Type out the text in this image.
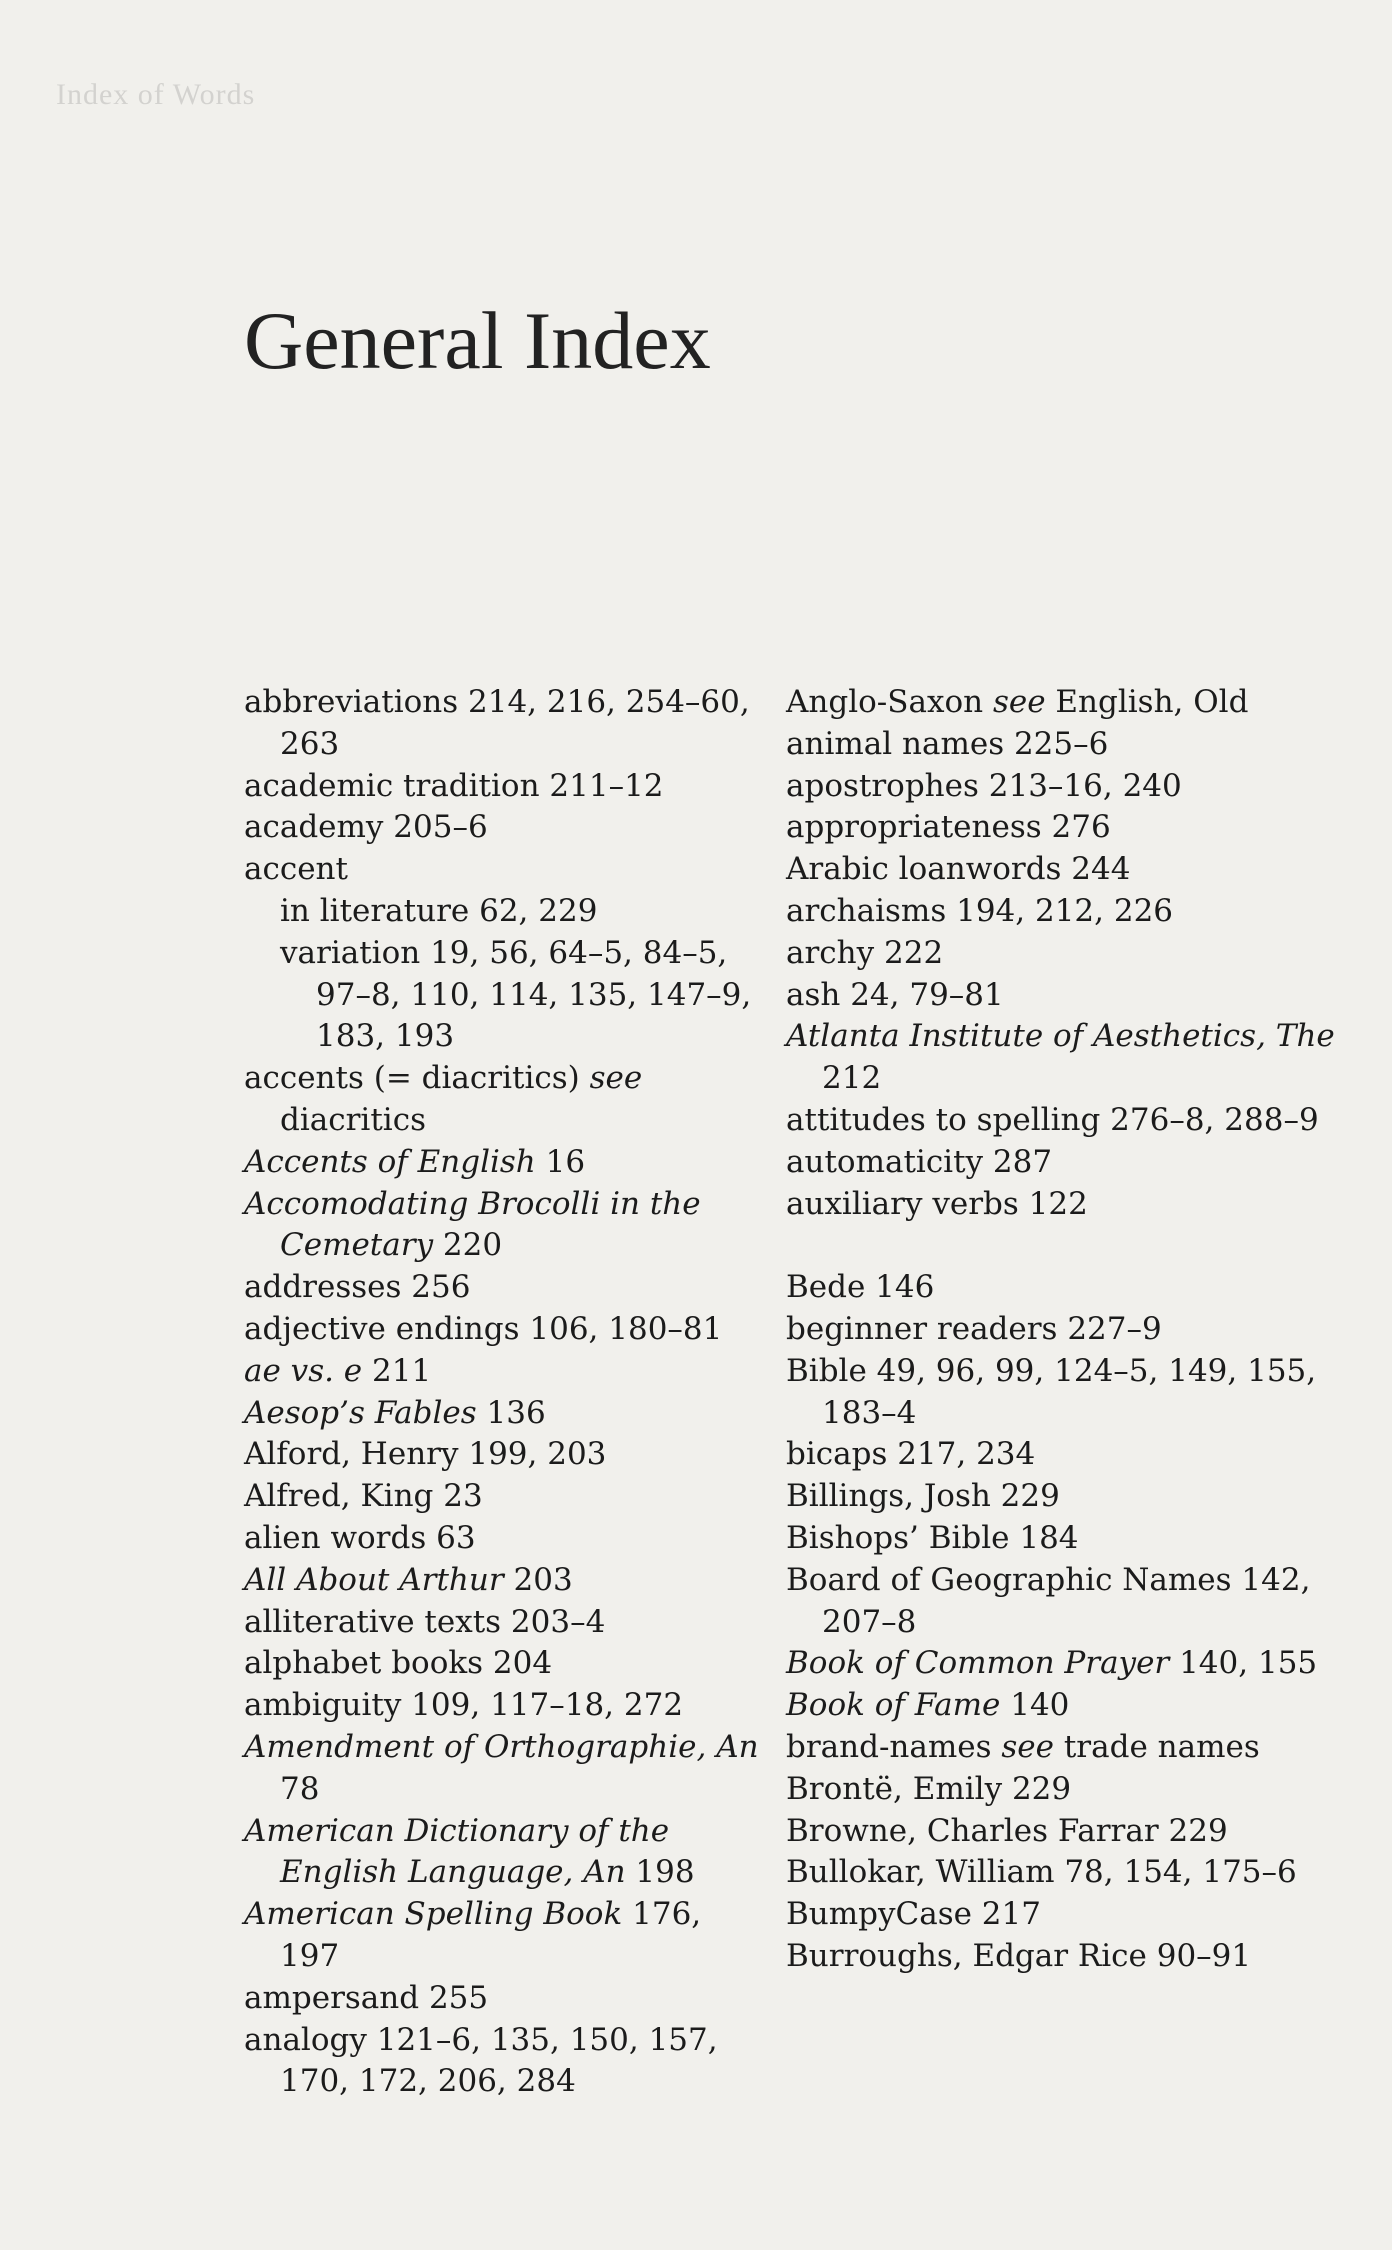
Index of Words
General Index
abbreviations 214, 216, 254–60, 263
academic tradition 211–12
academy 205–6
accent
in literature 62, 229
variation 19, 56, 64–5, 84–5, 97–8, 110, 114, 135, 147–9, 183, 193
accents (= diacritics) see diacritics
Accents of English 16
Accomodating Brocolli in the Cemetary 220
addresses 256
adjective endings 106, 180–81
ae vs. e 211
Aesop’s Fables 136
Alford, Henry 199, 203
Alfred, King 23
alien words 63
All About Arthur 203
alliterative texts 203–4
alphabet books 204
ambiguity 109, 117–18, 272
Amendment of Orthographie, An 78
American Dictionary of the English Language, An 198
American Spelling Book 176, 197
ampersand 255
analogy 121–6, 135, 150, 157, 170, 172, 206, 284
Anglo-Saxon see English, Old
animal names 225–6
apostrophes 213–16, 240
appropriateness 276
Arabic loanwords 244
archaisms 194, 212, 226
archy 222
ash 24, 79–81
Atlanta Institute of Aesthetics, The 212
attitudes to spelling 276–8, 288–9
automaticity 287
auxiliary verbs 122
Bede 146
beginner readers 227–9
Bible 49, 96, 99, 124–5, 149, 155, 183–4
bicaps 217, 234
Billings, Josh 229
Bishops’ Bible 184
Board of Geographic Names 142, 207–8
Book of Common Prayer 140, 155
Book of Fame 140
brand-names see trade names
Brontë, Emily 229
Browne, Charles Farrar 229
Bullokar, William 78, 154, 175–6
BumpyCase 217
Burroughs, Edgar Rice 90–91
